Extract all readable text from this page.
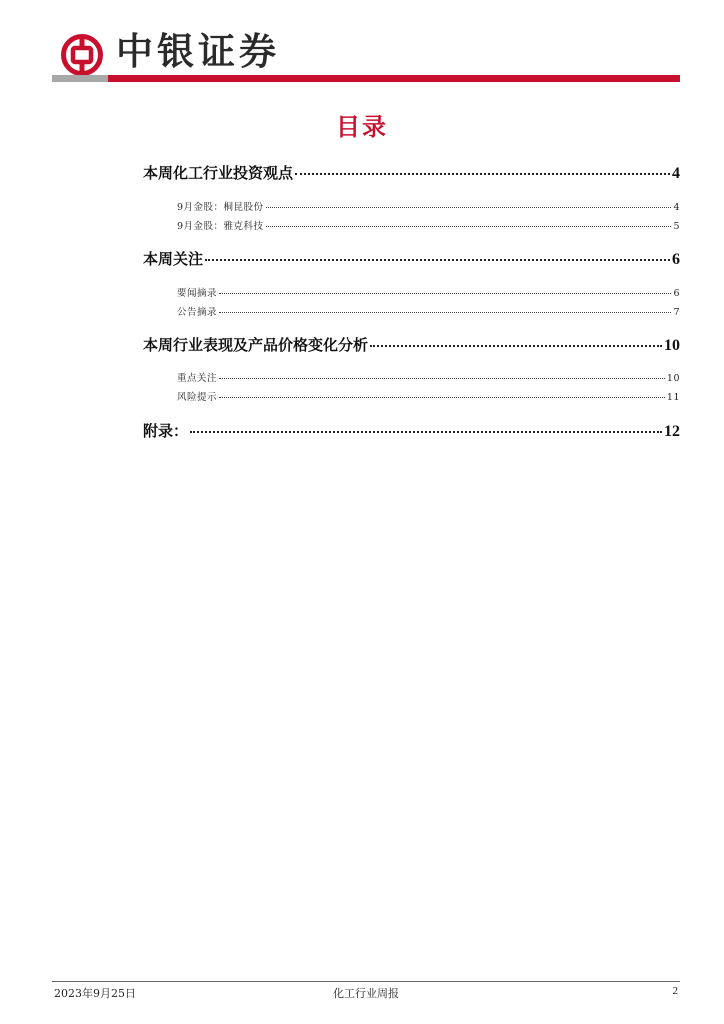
中银证券
目录
本周化工行业投资观点	4
9月金股：桐昆股份	4
9月金股：雅克科技	5
本周关注	6
要闻摘录	6
公告摘录	7
本周行业表现及产品价格变化分析	10
重点关注	10
风险提示	11
附录：	12
2023年9月25日	化工行业周报	2
